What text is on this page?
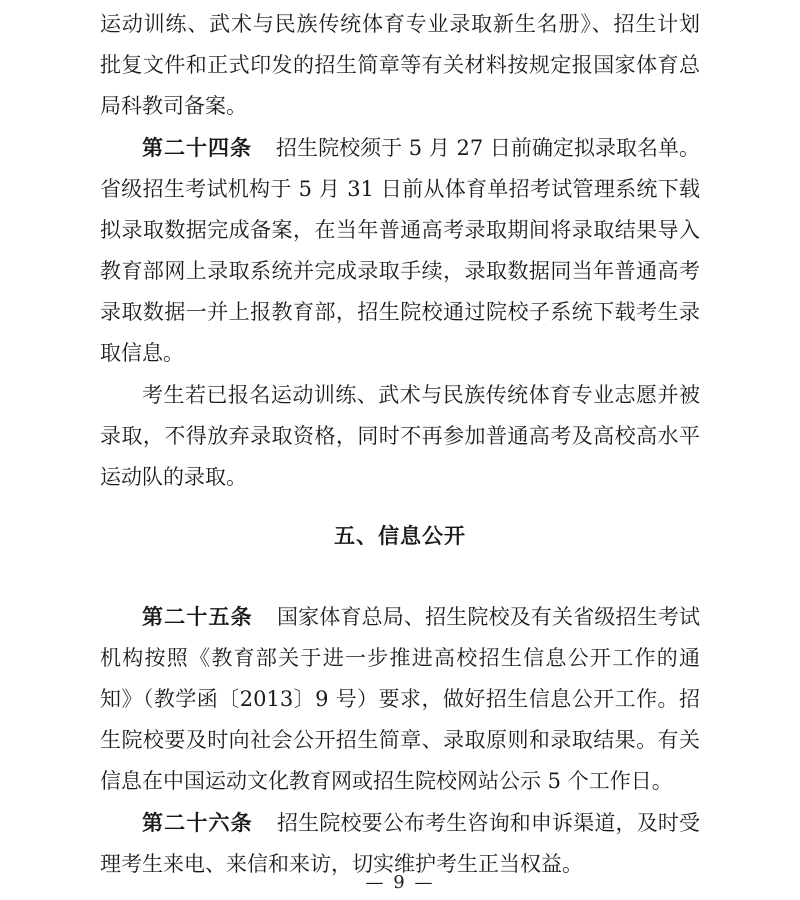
运动训练、武术与民族传统体育专业录取新生名册》、招生计划
批复文件和正式印发的招生简章等有关材料按规定报国家体育总
局科教司备案。
第二十四条 招生院校须于 5 月 27 日前确定拟录取名单。
省级招生考试机构于 5 月 31 日前从体育单招考试管理系统下载
拟录取数据完成备案，在当年普通高考录取期间将录取结果导入
教育部网上录取系统并完成录取手续，录取数据同当年普通高考
录取数据一并上报教育部，招生院校通过院校子系统下载考生录
取信息。
考生若已报名运动训练、武术与民族传统体育专业志愿并被
录取，不得放弃录取资格，同时不再参加普通高考及高校高水平
运动队的录取。
五、信息公开
第二十五条 国家体育总局、招生院校及有关省级招生考试
机构按照《教育部关于进一步推进高校招生信息公开工作的通
知》（教学函〔2013〕9 号）要求，做好招生信息公开工作。招
生院校要及时向社会公开招生简章、录取原则和录取结果。有关
信息在中国运动文化教育网或招生院校网站公示 5 个工作日。
第二十六条 招生院校要公布考生咨询和申诉渠道，及时受
理考生来电、来信和来访，切实维护考生正当权益。
— 9 —
